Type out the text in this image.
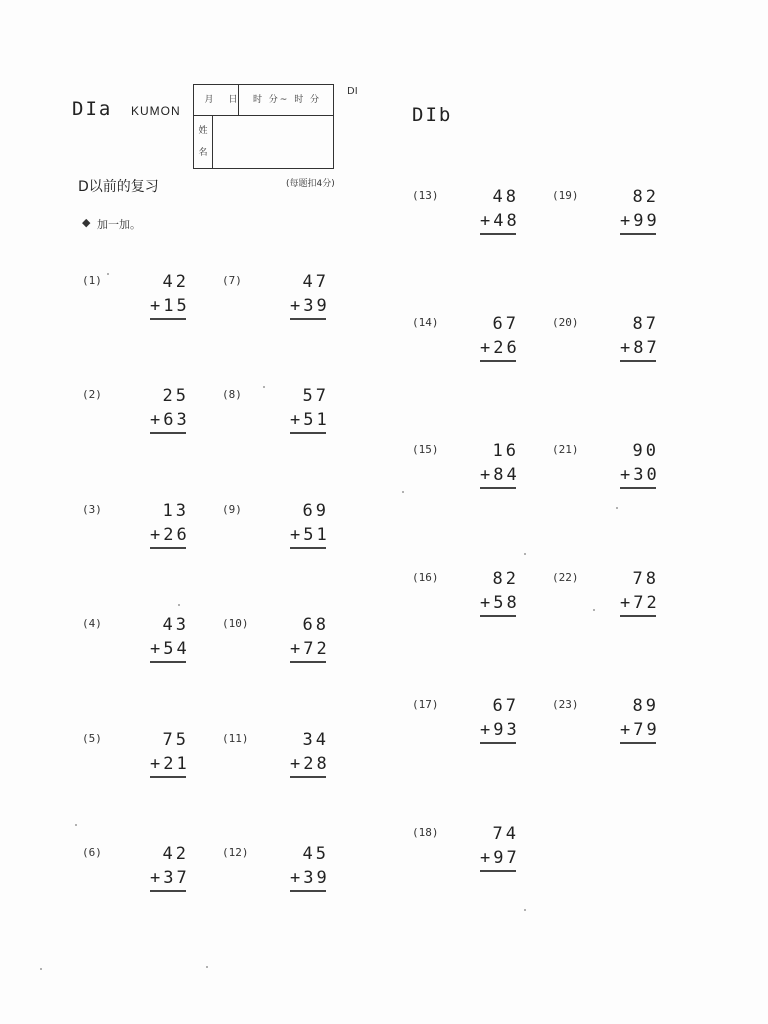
DIa KUMON
月 日	时 分~ 时 分
姓
名
DI
DIb
D以前的复习	(每题扣4分)
◆ 加一加。
(1)	42
+15
(2)	25
+63
(3)	13
+26
(4)	43
+54
(5)	75
+21
(6)	42
+37
(7)	47
+39
(8)	57
+51
(9)	69
+51
(10)	68
+72
(11)	34
+28
(12)	45
+39
(13)	48
+48
(14)	67
+26
(15)	16
+84
(16)	82
+58
(17)	67
+93
(18)	74
+97
(19)	82
+99
(20)	87
+87
(21)	90
+30
(22)	78
+72
(23)	89
+79
